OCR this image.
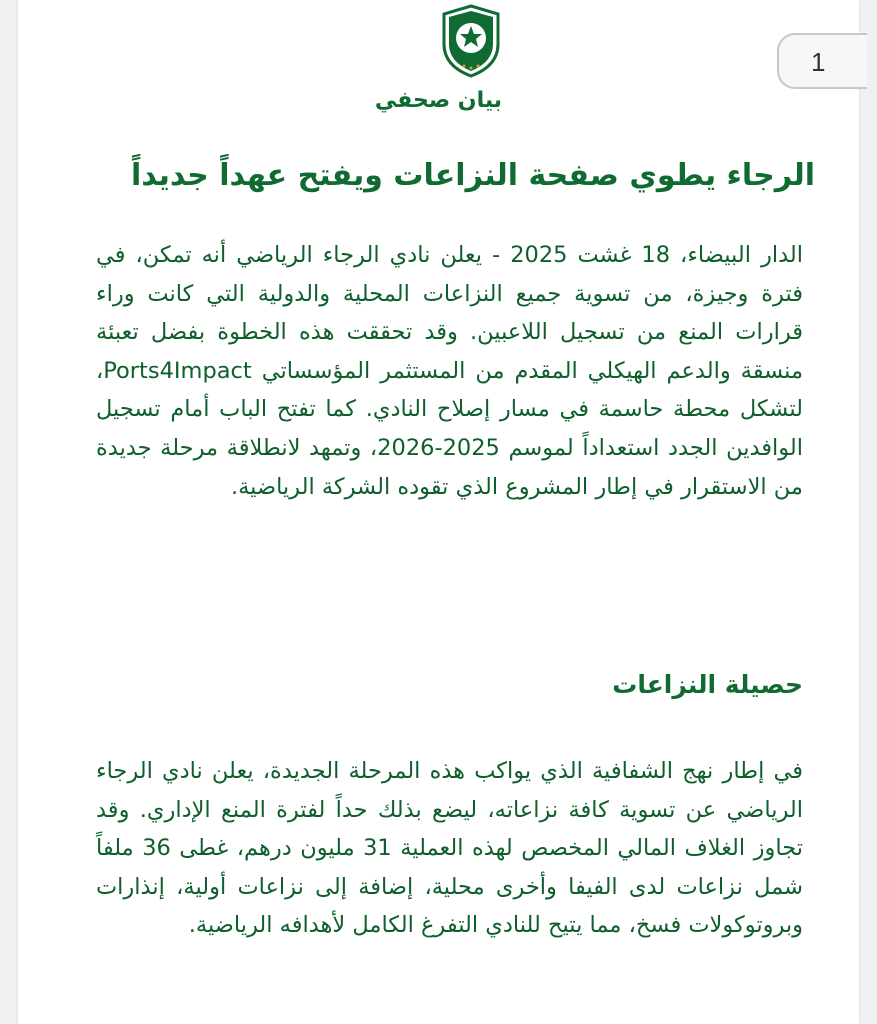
1
بيان صحفي
الرجاء يطوي صفحة النزاعات ويفتح عهداً جديداً
الدار البيضاء، 18 غشت 2025 - يعلن نادي الرجاء الرياضي أنه تمكن، في فترة وجيزة، من تسوية جميع النزاعات المحلية والدولية التي كانت وراء قرارات المنع من تسجيل اللاعبين. وقد تحققت هذه الخطوة بفضل تعبئة منسقة والدعم الهيكلي المقدم من المستثمر المؤسساتي Ports4Impact، لتشكل محطة حاسمة في مسار إصلاح النادي. كما تفتح الباب أمام تسجيل الوافدين الجدد استعداداً لموسم 2025-2026، وتمهد لانطلاقة مرحلة جديدة من الاستقرار في إطار المشروع الذي تقوده الشركة الرياضية.
حصيلة النزاعات
في إطار نهج الشفافية الذي يواكب هذه المرحلة الجديدة، يعلن نادي الرجاء الرياضي عن تسوية كافة نزاعاته، ليضع بذلك حداً لفترة المنع الإداري. وقد تجاوز الغلاف المالي المخصص لهذه العملية 31 مليون درهم، غطى 36 ملفاً شمل نزاعات لدى الفيفا وأخرى محلية، إضافة إلى نزاعات أولية، إنذارات وبروتوكولات فسخ، مما يتيح للنادي التفرغ الكامل لأهدافه الرياضية.
